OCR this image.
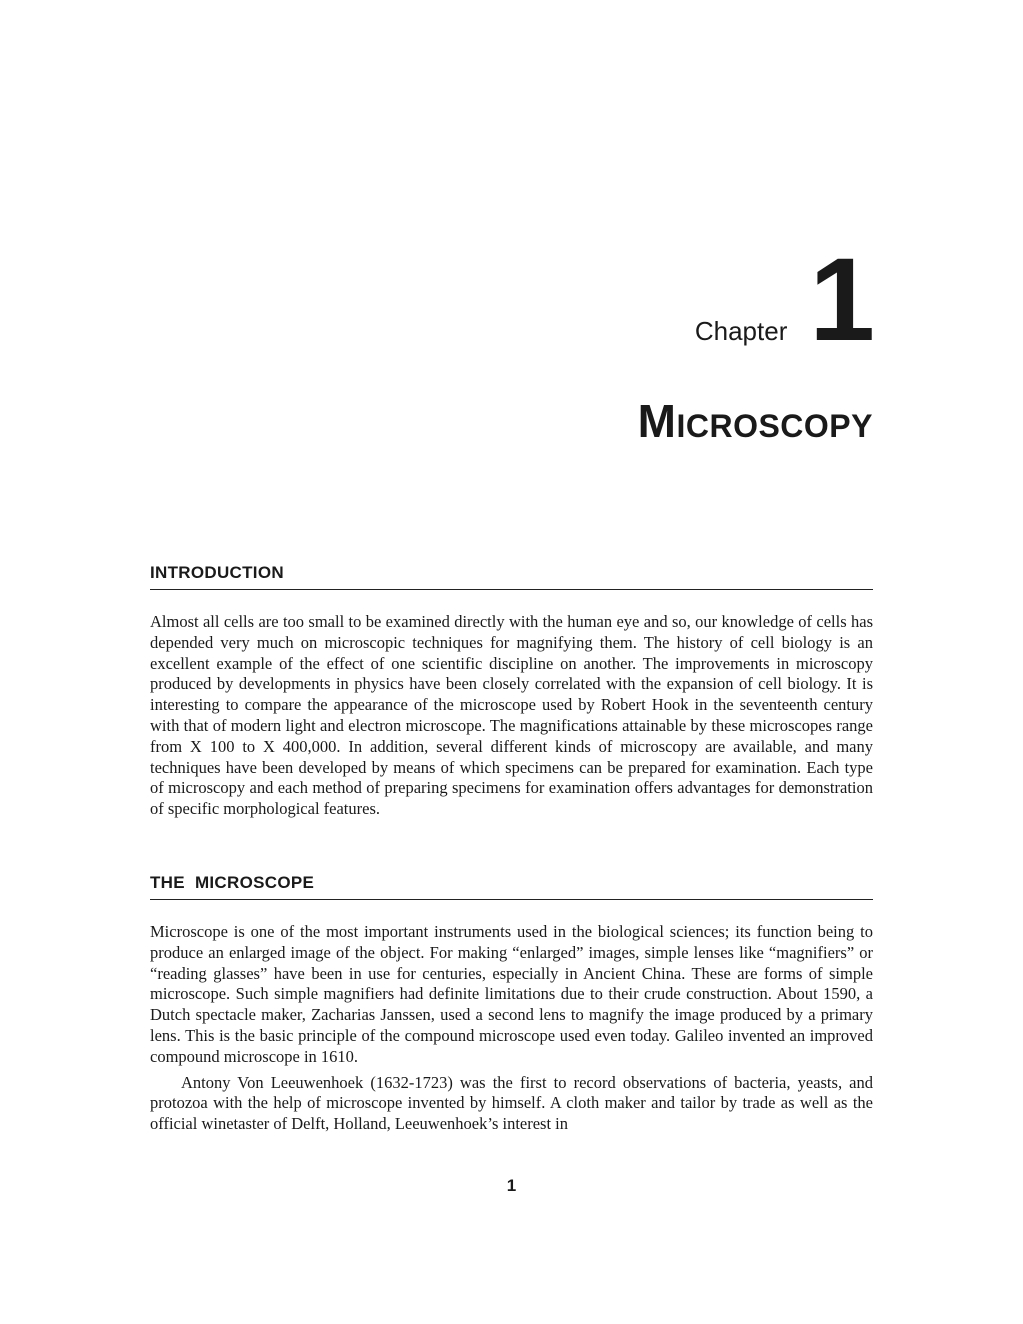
Chapter 1
Microscopy
INTRODUCTION

Almost all cells are too small to be examined directly with the human eye and so, our knowledge of cells has depended very much on microscopic techniques for magnifying them. The history of cell biology is an excellent example of the effect of one scientific discipline on another. The improvements in microscopy produced by developments in physics have been closely correlated with the expansion of cell biology. It is interesting to compare the appearance of the microscope used by Robert Hook in the seventeenth century with that of modern light and electron microscope. The magnifications attainable by these microscopes range from X 100 to X 400,000. In addition, several different kinds of microscopy are available, and many techniques have been developed by means of which specimens can be prepared for examination. Each type of microscopy and each method of preparing specimens for examination offers advantages for demonstration of specific morphological features.

THE  MICROSCOPE

Microscope is one of the most important instruments used in the biological sciences; its function being to produce an enlarged image of the object. For making “enlarged” images, simple lenses like “magnifiers” or “reading glasses” have been in use for centuries, especially in Ancient China. These are forms of simple microscope. Such simple magnifiers had definite limitations due to their crude construction. About 1590, a Dutch spectacle maker, Zacharias Janssen, used a second lens to magnify the image produced by a primary lens. This is the basic principle of the compound microscope used even today. Galileo invented an improved compound microscope in 1610.

Antony Von Leeuwenhoek (1632-1723) was the first to record observations of bacteria, yeasts, and protozoa with the help of microscope invented by himself. A cloth maker and tailor by trade as well as the official winetaster of Delft, Holland, Leeuwenhoek’s interest in

1
